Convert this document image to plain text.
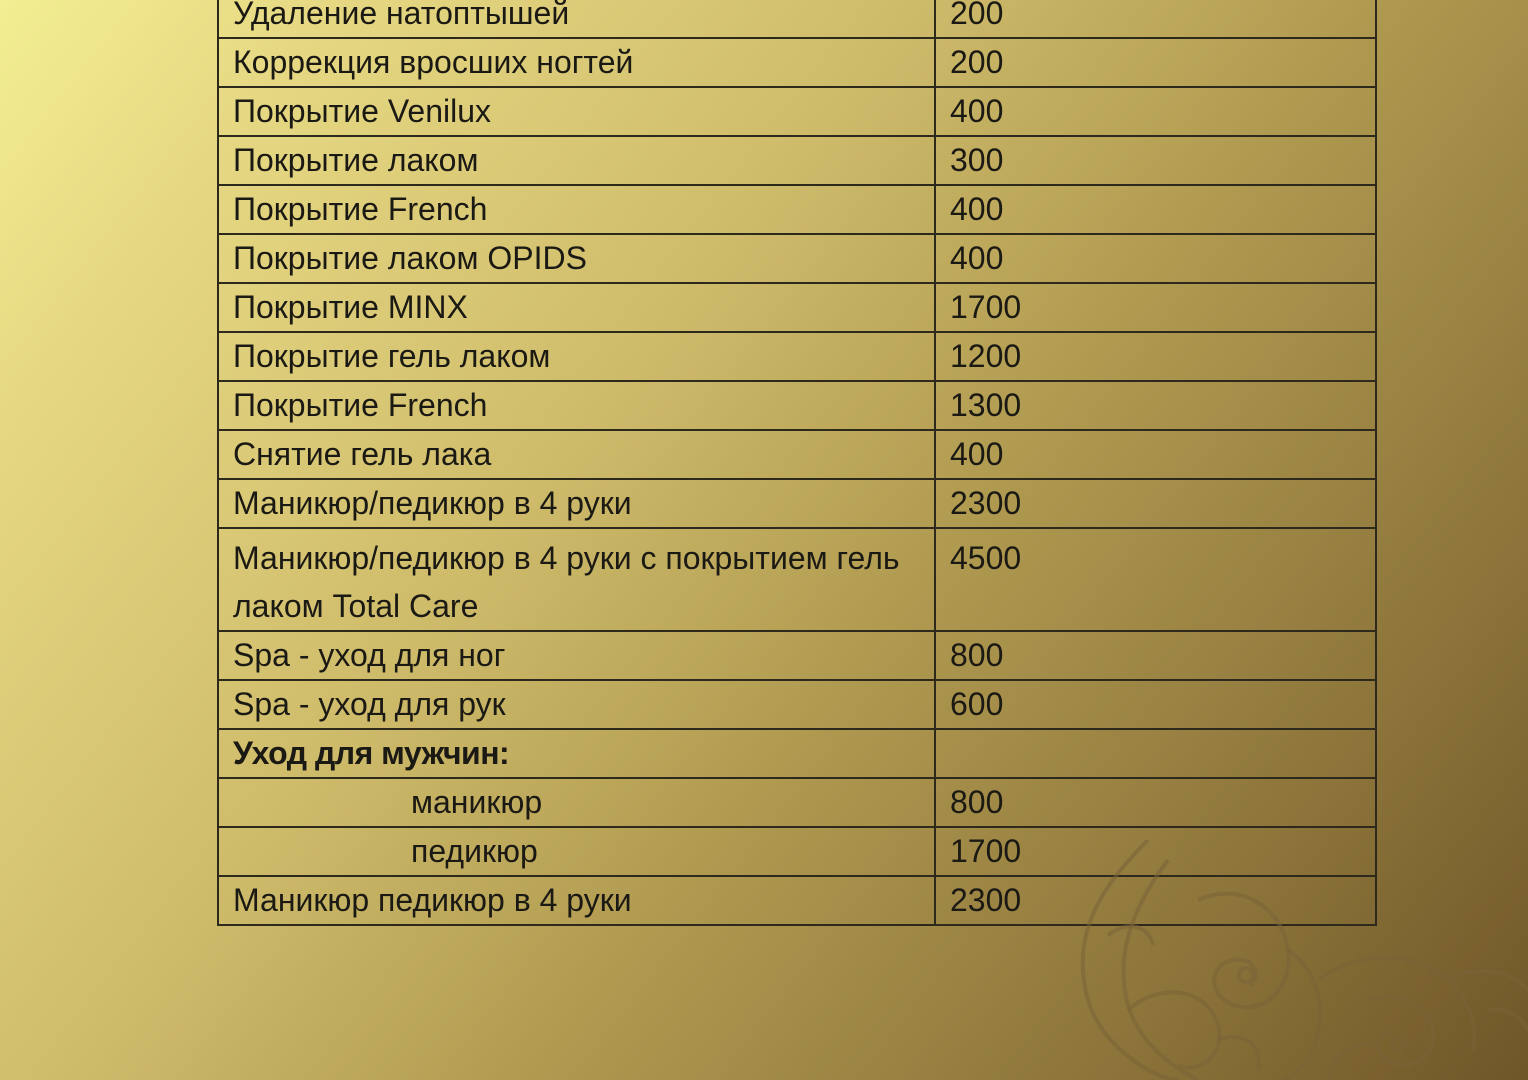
Удаление натоптышей	200
Коррекция вросших ногтей	200
Покрытие Venilux	400
Покрытие лаком	300
Покрытие French	400
Покрытие лаком OPIDS	400
Покрытие MINX	1700
Покрытие гель лаком	1200
Покрытие French	1300
Снятие гель лака	400
Маникюр/педикюр в 4 руки	2300
Маникюр/педикюр в 4 руки с покрытием гель лаком Total Care	4500
Spa - уход для ног	800
Spa - уход для рук	600
Уход для мужчин:	
маникюр	800
педикюр	1700
Маникюр педикюр в 4 руки	2300
